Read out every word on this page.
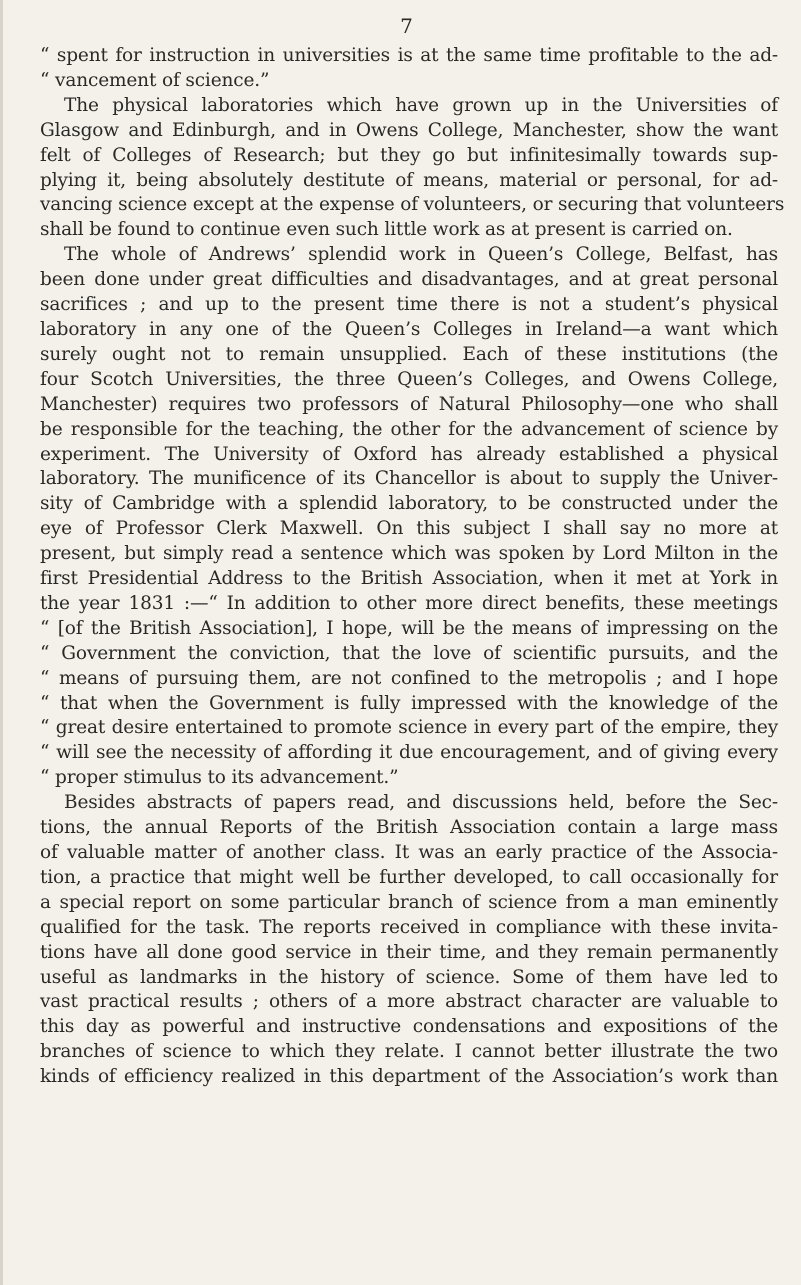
7
“ spent for instruction in universities is at the same time profitable to the ad-
“ vancement of science.”
The physical laboratories which have grown up in the Universities of
Glasgow and Edinburgh, and in Owens College, Manchester, show the want
felt of Colleges of Research; but they go but infinitesimally towards sup-
plying it, being absolutely destitute of means, material or personal, for ad-
vancing science except at the expense of volunteers, or securing that volunteers
shall be found to continue even such little work as at present is carried on.
The whole of Andrews’ splendid work in Queen’s College, Belfast, has
been done under great difficulties and disadvantages, and at great personal
sacrifices ; and up to the present time there is not a student’s physical
laboratory in any one of the Queen’s Colleges in Ireland—a want which
surely ought not to remain unsupplied. Each of these institutions (the
four Scotch Universities, the three Queen’s Colleges, and Owens College,
Manchester) requires two professors of Natural Philosophy—one who shall
be responsible for the teaching, the other for the advancement of science by
experiment. The University of Oxford has already established a physical
laboratory. The munificence of its Chancellor is about to supply the Univer-
sity of Cambridge with a splendid laboratory, to be constructed under the
eye of Professor Clerk Maxwell. On this subject I shall say no more at
present, but simply read a sentence which was spoken by Lord Milton in the
first Presidential Address to the British Association, when it met at York in
the year 1831 :—“ In addition to other more direct benefits, these meetings
“ [of the British Association], I hope, will be the means of impressing on the
“ Government the conviction, that the love of scientific pursuits, and the
“ means of pursuing them, are not confined to the metropolis ; and I hope
“ that when the Government is fully impressed with the knowledge of the
“ great desire entertained to promote science in every part of the empire, they
“ will see the necessity of affording it due encouragement, and of giving every
“ proper stimulus to its advancement.”
Besides abstracts of papers read, and discussions held, before the Sec-
tions, the annual Reports of the British Association contain a large mass
of valuable matter of another class. It was an early practice of the Associa-
tion, a practice that might well be further developed, to call occasionally for
a special report on some particular branch of science from a man eminently
qualified for the task. The reports received in compliance with these invita-
tions have all done good service in their time, and they remain permanently
useful as landmarks in the history of science. Some of them have led to
vast practical results ; others of a more abstract character are valuable to
this day as powerful and instructive condensations and expositions of the
branches of science to which they relate. I cannot better illustrate the two
kinds of efficiency realized in this department of the Association’s work than
